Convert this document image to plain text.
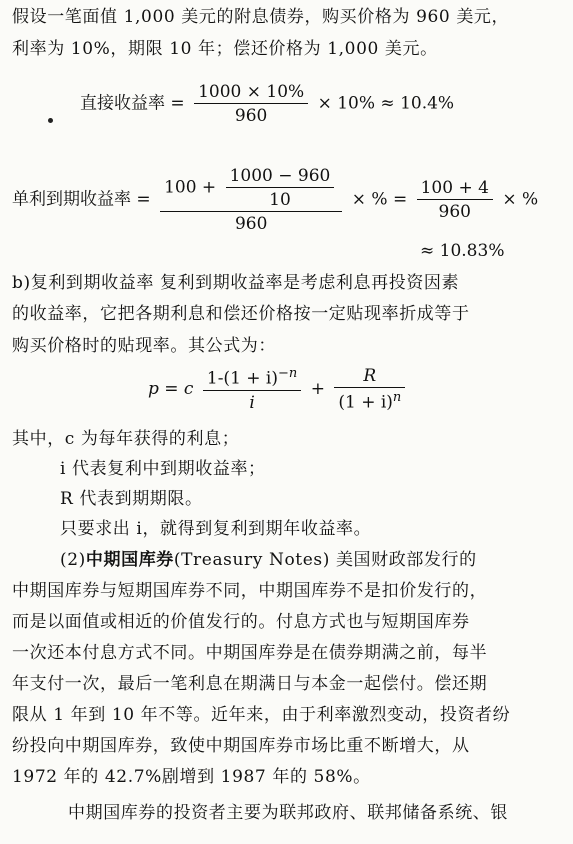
假设一笔面值 1,000 美元的附息债券，购买价格为 960 美元，
利率为 10%，期限 10 年；偿还价格为 1,000 美元。
直接收益率 = $\frac{1000 \times 10\%}{960} \times 10\% \approx 10.4\%$
单利到期收益率 = $\frac{100 + \frac{1000 - 960}{10}}{960}$ × % = $\frac{100 + 4}{960}$ × %
≈ 10.83%
b)复利到期收益率 复利到期收益率是考虑利息再投资因素
的收益率，它把各期利息和偿还价格按一定贴现率折成等于
购买价格时的贴现率。其公式为：
p = c $\frac{1-(1 + i)^{-n}}{i} + \frac{R}{(1 + i)^n}$
其中，c 为每年获得的利息；
i 代表复利中到期收益率；
R 代表到期期限。
只要求出 i，就得到复利到期年收益率。
(2)中期国库券(Treasury Notes) 美国财政部发行的
中期国库券与短期国库券不同，中期国库券不是扣价发行的，
而是以面值或相近的价值发行的。付息方式也与短期国库券
一次还本付息方式不同。中期国库券是在债券期满之前，每半
年支付一次，最后一笔利息在期满日与本金一起偿付。偿还期
限从 1 年到 10 年不等。近年来，由于利率激烈变动，投资者纷
纷投向中期国库券，致使中期国库券市场比重不断增大，从
1972 年的 42.7%剧增到 1987 年的 58%。
中期国库券的投资者主要为联邦政府、联邦储备系统、银
